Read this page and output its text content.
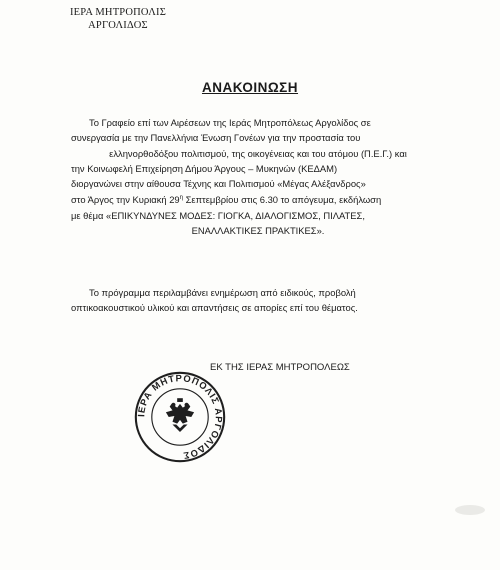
ΙΕΡΑ ΜΗΤΡΟΠΟΛΙΣ
ΑΡΓΟΛΙΔΟΣ
ΑΝΑΚΟΙΝΩΣΗ
Το Γραφείο επί των Αιρέσεων της Ιεράς Μητροπόλεως Αργολίδος σε
συνεργασία με την Πανελλήνια Ένωση Γονέων για την προστασία του
ελληνορθοδόξου πολιτισμού, της οικογένειας και του ατόμου (Π.Ε.Γ.) και
την Κοινωφελή Επιχείρηση Δήμου Άργους – Μυκηνών (ΚΕΔΑΜ)
διοργανώνει στην αίθουσα Τέχνης και Πολιτισμού «Μέγας Αλέξανδρος»
στο Άργος την Κυριακή $29^\eta$ Σεπτεμβρίου στις 6.30 το απόγευμα, εκδήλωση
με θέμα «ΕΠΙΚΥΝΔΥΝΕΣ ΜΟΔΕΣ: ΓΙΟΓΚΑ, ΔΙΑΛΟΓΙΣΜΟΣ, ΠΙΛΑΤΕΣ,
ΕΝΑΛΛΑΚΤΙΚΕΣ ΠΡΑΚΤΙΚΕΣ».
Το πρόγραμμα περιλαμβάνει ενημέρωση από ειδικούς, προβολή
οπτικοακουστικού υλικού και απαντήσεις σε απορίες επί του θέματος.
ΕΚ ΤΗΣ ΙΕΡΑΣ ΜΗΤΡΟΠΟΛΕΩΣ
ΙΕΡΑ ΜΗΤΡΟΠΟΛΙΣ ΑΡΓΟΛΙΔΟΣ
